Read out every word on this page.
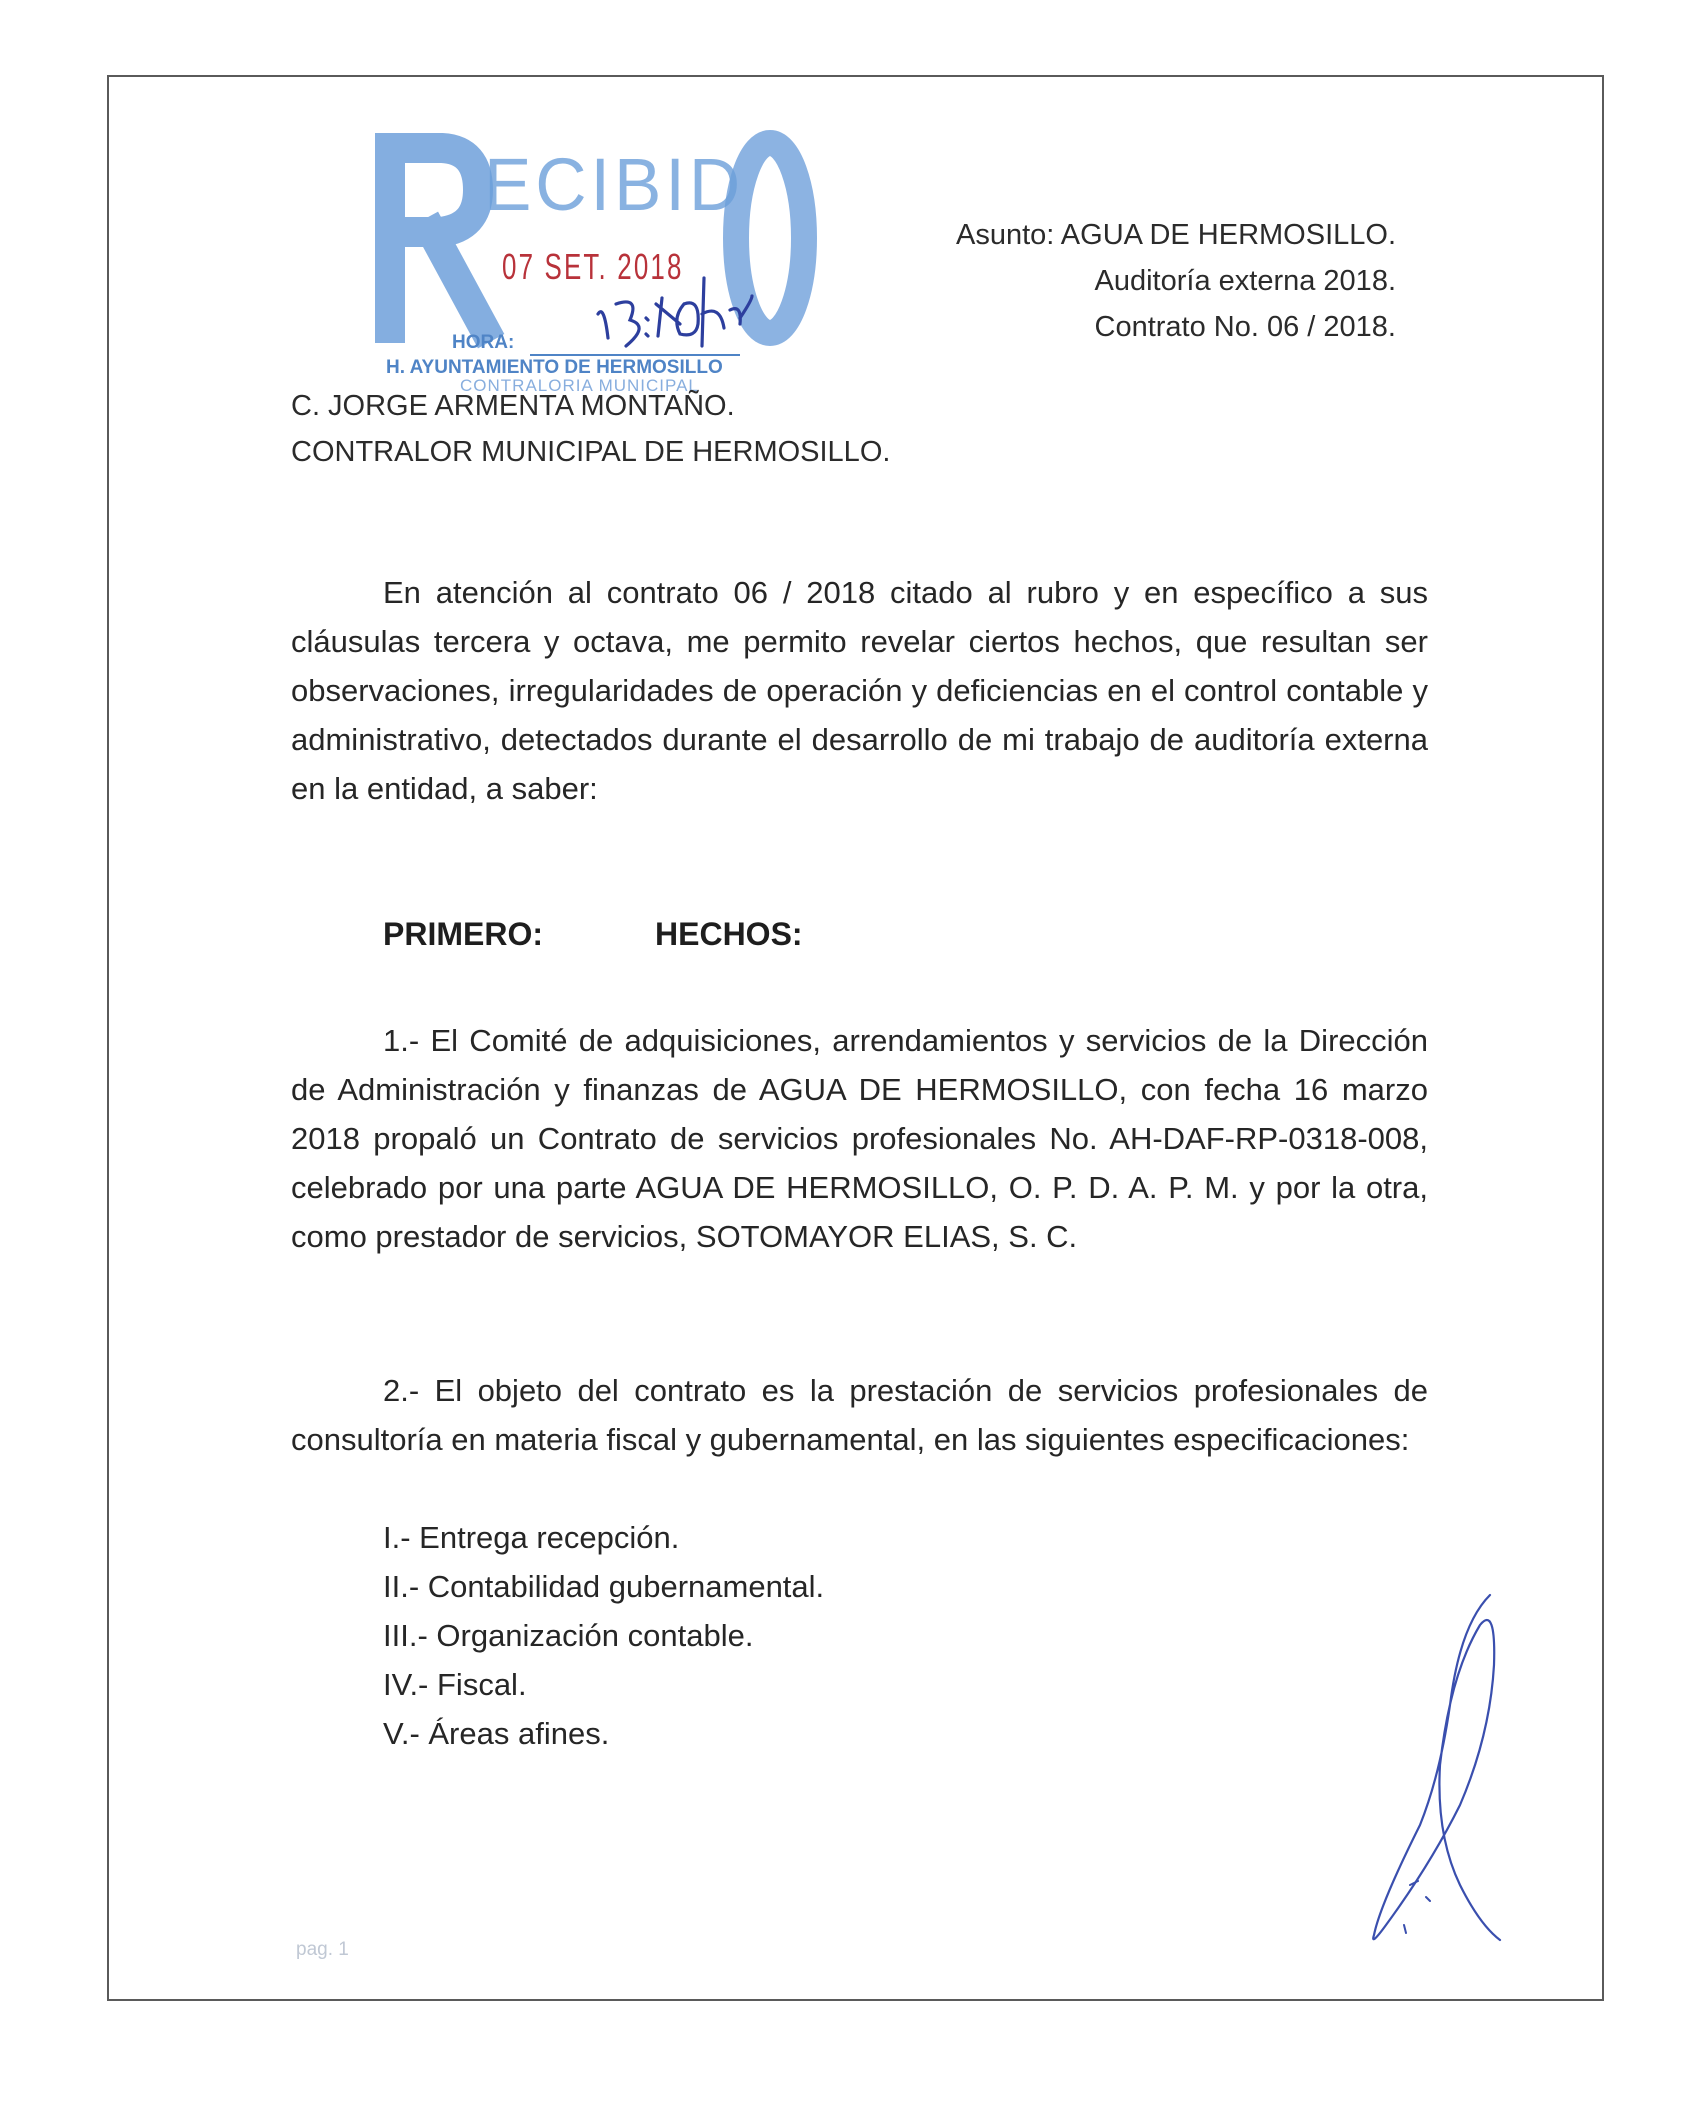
ECIBID
07 SET. 2018
HORA:
H. AYUNTAMIENTO DE HERMOSILLO
CONTRALORIA MUNICIPAL
Asunto: AGUA DE HERMOSILLO.
Auditoría externa 2018.
Contrato No. 06 / 2018.
C. JORGE ARMENTA MONTAÑO.
CONTRALOR MUNICIPAL DE HERMOSILLO.
En atención al contrato 06 / 2018 citado al rubro y en específico a sus cláusulas tercera y octava, me permito revelar ciertos hechos, que resultan ser observaciones, irregularidades de operación y deficiencias en el control contable y administrativo, detectados durante el desarrollo de mi trabajo de auditoría externa en la entidad, a saber:
PRIMERO:	HECHOS:
1.- El Comité de adquisiciones, arrendamientos y servicios de la Dirección de Administración y finanzas de AGUA DE HERMOSILLO, con fecha 16 marzo 2018 propaló un Contrato de servicios profesionales No. AH-DAF-RP-0318-008, celebrado por una parte AGUA DE HERMOSILLO, O. P. D. A. P. M. y por la otra, como prestador de servicios, SOTOMAYOR ELIAS, S. C.
2.- El objeto del contrato es la prestación de servicios profesionales de consultoría en materia fiscal y gubernamental, en las siguientes especificaciones:
I.- Entrega recepción.
II.- Contabilidad gubernamental.
III.- Organización contable.
IV.- Fiscal.
V.- Áreas afines.
pag. 1
